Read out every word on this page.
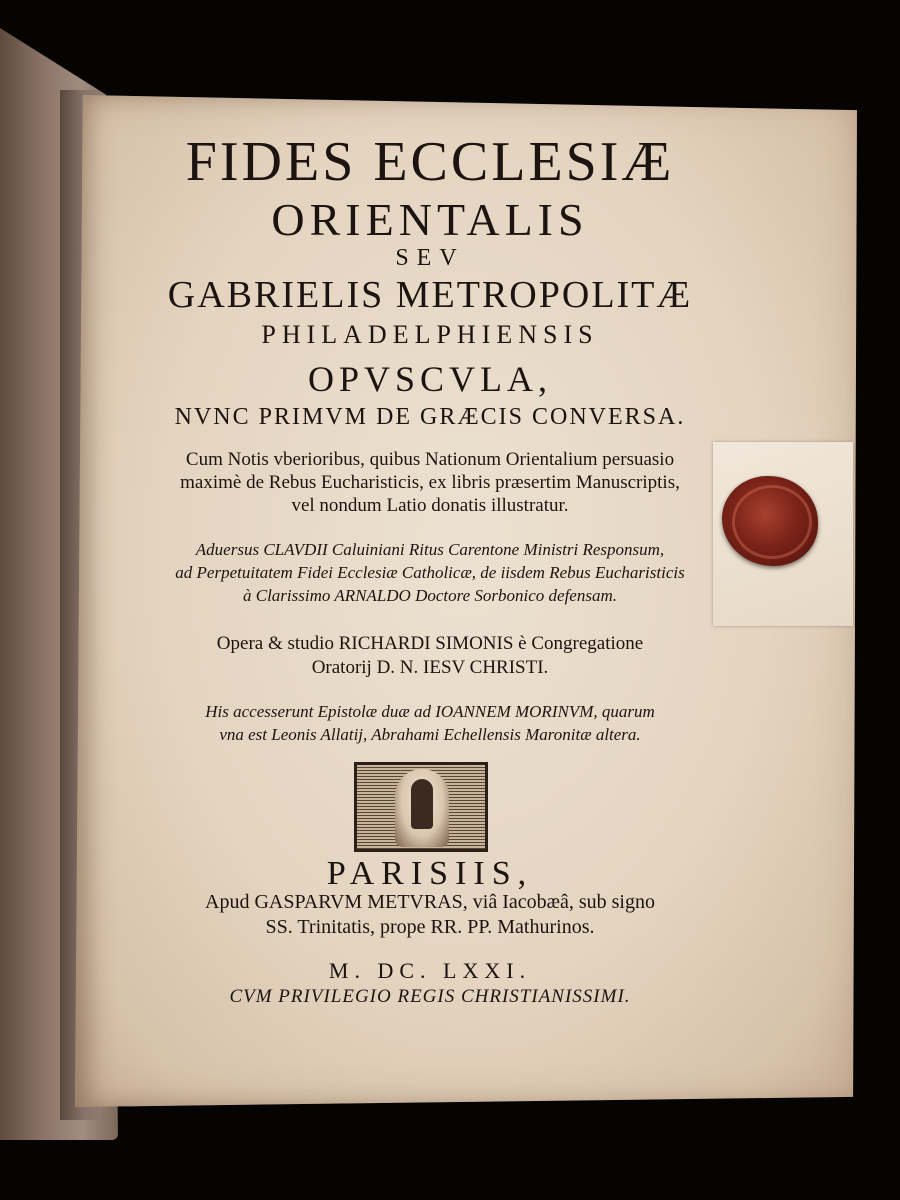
FIDES ECCLESIÆ
ORIENTALIS
SEV
GABRIELIS METROPOLITÆ
PHILADELPHIENSIS
OPVSCVLA,
NVNC PRIMVM DE GRÆCIS CONVERSA.
Cum Notis vberioribus, quibus Nationum Orientalium persuasio
maximè de Rebus Eucharisticis, ex libris præsertim Manuscriptis,
vel nondum Latio donatis illustratur.
Aduersus CLAVDII Caluiniani Ritus Carentone Ministri Responsum,
ad Perpetuitatem Fidei Ecclesiæ Catholicæ, de iisdem Rebus Eucharisticis
à Clarissimo ARNALDO Doctore Sorbonico defensam.
Opera & studio RICHARDI SIMONIS è Congregatione
Oratorij D. N. IESV CHRISTI.
His accesserunt Epistolæ duæ ad IOANNEM MORINVM, quarum
vna est Leonis Allatij, Abrahami Echellensis Maronitæ altera.
PARISIIS,
Apud GASPARVM METVRAS, viâ Iacobæâ, sub signo
SS. Trinitatis, prope RR. PP. Mathurinos.
M. DC. LXXI.
CVM PRIVILEGIO REGIS CHRISTIANISSIMI.
